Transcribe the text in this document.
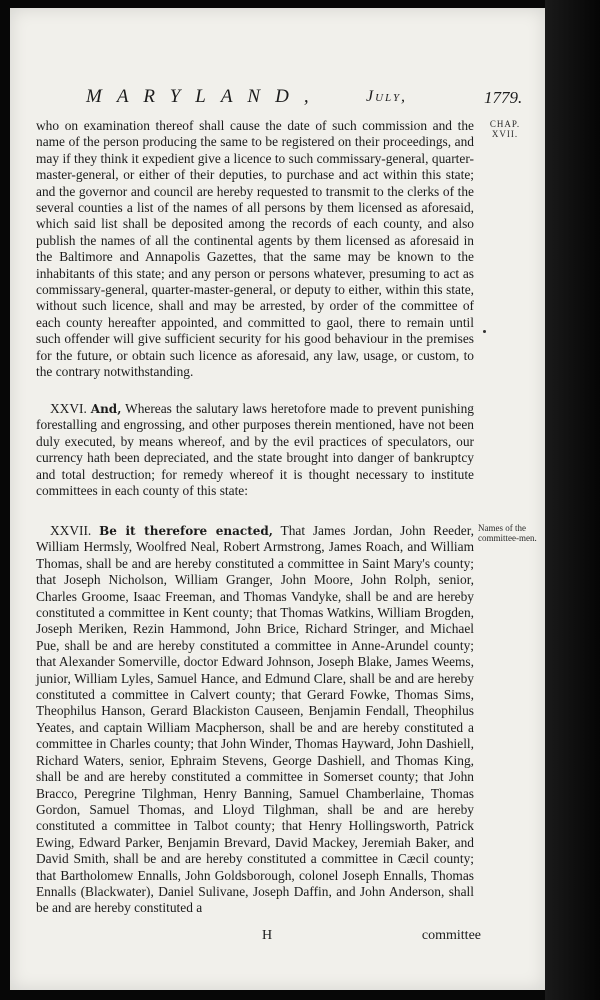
MARYLAND,	July,	1779.
CHAP. XVII.

who on examination thereof shall cause the date of such commission and the name of the person producing the same to be registered on their proceedings, and may if they think it expedient give a licence to such commissary-general, quarter-master-general, or either of their deputies, to purchase and act within this state; and the governor and council are hereby requested to transmit to the clerks of the several counties a list of the names of all persons by them licensed as aforesaid, which said list shall be deposited among the records of each county, and also publish the names of all the continental agents by them licensed as aforesaid in the Baltimore and Annapolis Gazettes, that the same may be known to the inhabitants of this state; and any person or persons whatever, presuming to act as commissary-general, quarter-master-general, or deputy to either, within this state, without such licence, shall and may be arrested, by order of the committee of each county hereafter appointed, and committed to gaol, there to remain until such offender will give sufficient security for his good behaviour in the premises for the future, or obtain such licence as aforesaid, any law, usage, or custom, to the contrary notwithstanding.

XXVI. And, Whereas the salutary laws heretofore made to prevent punishing forestalling and engrossing, and other purposes therein mentioned, have not been duly executed, by means whereof, and by the evil practices of speculators, our currency hath been depreciated, and the state brought into danger of bankruptcy and total destruction; for remedy whereof it is thought necessary to institute committees in each county of this state:

Names of the committee-men.

XXVII. Be it therefore enacted, That James Jordan, John Reeder, William Hermsly, Woolfred Neal, Robert Armstrong, James Roach, and William Thomas, shall be and are hereby constituted a committee in Saint Mary's county; that Joseph Nicholson, William Granger, John Moore, John Rolph, senior, Charles Groome, Isaac Freeman, and Thomas Vandyke, shall be and are hereby constituted a committee in Kent county; that Thomas Watkins, William Brogden, Joseph Meriken, Rezin Hammond, John Brice, Richard Stringer, and Michael Pue, shall be and are hereby constituted a committee in Anne-Arundel county; that Alexander Somerville, doctor Edward Johnson, Joseph Blake, James Weems, junior, William Lyles, Samuel Hance, and Edmund Clare, shall be and are hereby constituted a committee in Calvert county; that Gerard Fowke, Thomas Sims, Theophilus Hanson, Gerard Blackiston Causeen, Benjamin Fendall, Theophilus Yeates, and captain William Macpherson, shall be and are hereby constituted a committee in Charles county; that John Winder, Thomas Hayward, John Dashiell, Richard Waters, senior, Ephraim Stevens, George Dashiell, and Thomas King, shall be and are hereby constituted a committee in Somerset county; that John Bracco, Peregrine Tilghman, Henry Banning, Samuel Chamberlaine, Thomas Gordon, Samuel Thomas, and Lloyd Tilghman, shall be and are hereby constituted a committee in Talbot county; that Henry Hollingsworth, Patrick Ewing, Edward Parker, Benjamin Brevard, David Mackey, Jeremiah Baker, and David Smith, shall be and are hereby constituted a committee in Cæcil county; that Bartholomew Ennalls, John Goldsborough, colonel Joseph Ennalls, Thomas Ennalls (Blackwater), Daniel Sulivane, Joseph Daffin, and John Anderson, shall be and are hereby constituted a

H	committee
